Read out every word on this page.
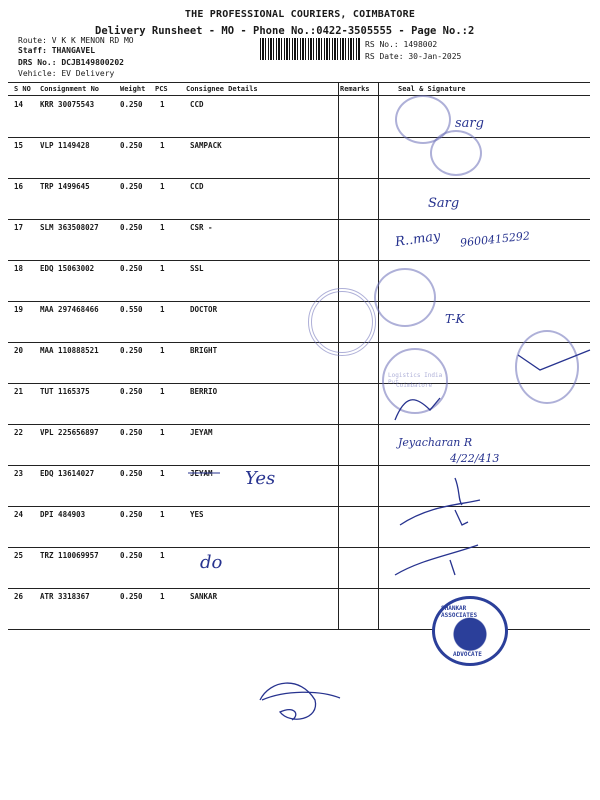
THE PROFESSIONAL COURIERS, COIMBATORE
Delivery Runsheet - MO - Phone No.:0422-3505555 - Page No.:2
Route: V K K MENON RD MO
Staff: THANGAVEL
DRS No.: DCJB149800202
Vehicle: EV Delivery
RS No.: 1498002
RS Date: 30-Jan-2025
S NO Consignment No	Weight PCS	Consignee Details	Remarks	Seal & Signature
14 KRR 30075543	0.250 1	CCD
15 VLP 1149428	0.250 1	SAMPACK
16 TRP 1499645	0.250 1	CCD
17 SLM 363508027	0.250 1	CSR -
18 EDQ 15063002	0.250 1	SSL
19 MAA 297468466	0.550 1	DOCTOR
20 MAA 110888521	0.250 1	BRIGHT
21 TUT 1165375	0.250 1	BERRIO
22 VPL 225656897	0.250 1	JEYAM
23 EDQ 13614027	0.250 1	JEYAM
24 DPI 484903	0.250 1	YES
25 TRZ 110069957	0.250 1
26 ATR 3318367	0.250 1	SANKAR
Logistics India Pvt
Coimbatore
SHANKAR ASSOCIATES
ADVOCATE
sarg
Sarg
R..may 9600415292
T-K
Jeyacharan R
4/22/413
Yes
do
